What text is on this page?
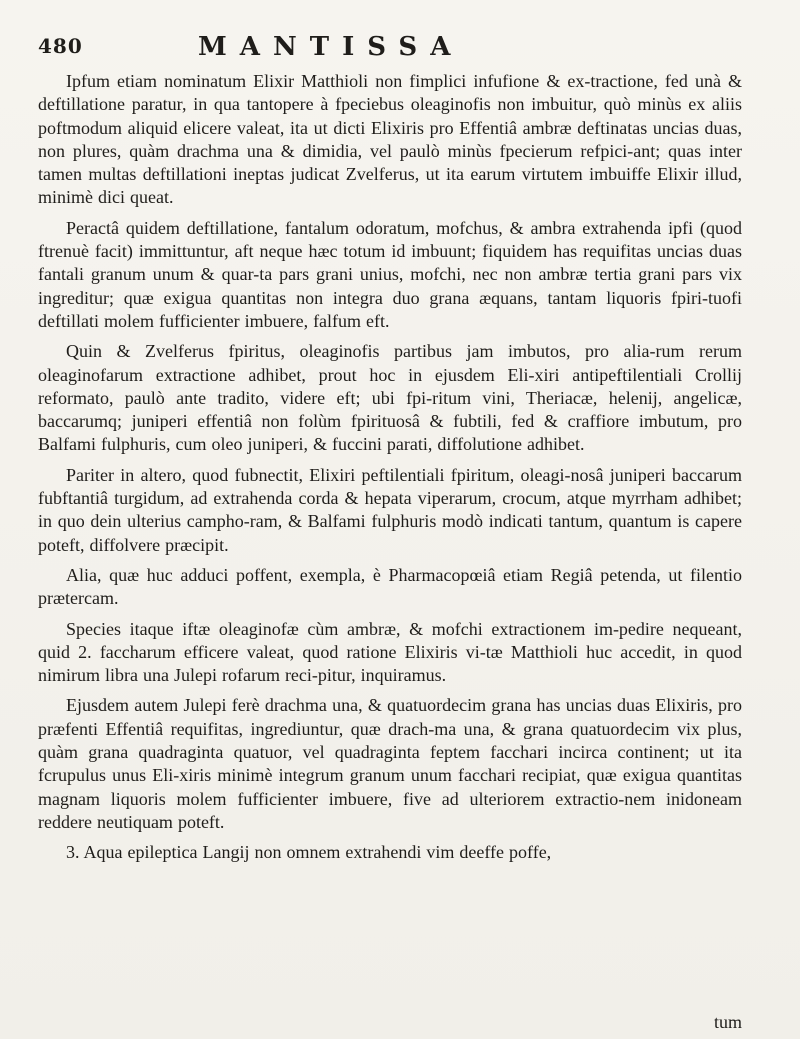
480	MANTISSA

Ipfum etiam nominatum Elixir Matthioli non fimplici infufione & ex-tractione, fed unà & deftillatione paratur, in qua tantopere à fpeciebus oleaginofis non imbuitur, quò minùs ex aliis poftmodum aliquid elicere valeat, ita ut dicti Elixiris pro Effentiâ ambræ deftinatas uncias duas, non plures, quàm drachma una & dimidia, vel paulò minùs fpecierum refpici-ant; quas inter tamen multas deftillationi ineptas judicat Zvelferus, ut ita earum virtutem imbuiffe Elixir illud, minimè dici queat.

Peractâ quidem deftillatione, fantalum odoratum, mofchus, & ambra extrahenda ipfi (quod ftrenuè facit) immittuntur, aft neque hæc totum id imbuunt; fiquidem has requifitas uncias duas fantali granum unum & quar-ta pars grani unius, mofchi, nec non ambræ tertia grani pars vix ingreditur; quæ exigua quantitas non integra duo grana æquans, tantam liquoris fpiri-tuofi deftillati molem fufficienter imbuere, falfum eft.

Quin & Zvelferus fpiritus, oleaginofis partibus jam imbutos, pro alia-rum rerum oleaginofarum extractione adhibet, prout hoc in ejusdem Eli-xiri antipeftilentiali Crollij reformato, paulò ante tradito, videre eft; ubi fpi-ritum vini, Theriacæ, helenij, angelicæ, baccarumq; juniperi effentiâ non folùm fpirituosâ & fubtili, fed & craffiore imbutum, pro Balfami fulphuris, cum oleo juniperi, & fuccini parati, diffolutione adhibet.

Pariter in altero, quod fubnectit, Elixiri peftilentiali fpiritum, oleagi-nosâ juniperi baccarum fubftantiâ turgidum, ad extrahenda corda & hepata viperarum, crocum, atque myrrham adhibet; in quo dein ulterius campho-ram, & Balfami fulphuris modò indicati tantum, quantum is capere poteft, diffolvere præcipit.

Alia, quæ huc adduci poffent, exempla, è Pharmacopœiâ etiam Regiâ petenda, ut filentio prætercam.

Species itaque iftæ oleaginofæ cùm ambræ, & mofchi extractionem im-pedire nequeant, quid 2. faccharum efficere valeat, quod ratione Elixiris vi-tæ Matthioli huc accedit, in quod nimirum libra una Julepi rofarum reci-pitur, inquiramus.

Ejusdem autem Julepi ferè drachma una, & quatuordecim grana has uncias duas Elixiris, pro præfenti Effentiâ requifitas, ingrediuntur, quæ drach-ma una, & grana quatuordecim vix plus, quàm grana quadraginta quatuor, vel quadraginta feptem facchari incirca continent; ut ita fcrupulus unus Eli-xiris minimè integrum granum unum facchari recipiat, quæ exigua quantitas magnam liquoris molem fufficienter imbuere, five ad ulteriorem extractio-nem inidoneam reddere neutiquam poteft.

3. Aqua epileptica Langij non omnem extrahendi vim deeffe poffe,

tum
